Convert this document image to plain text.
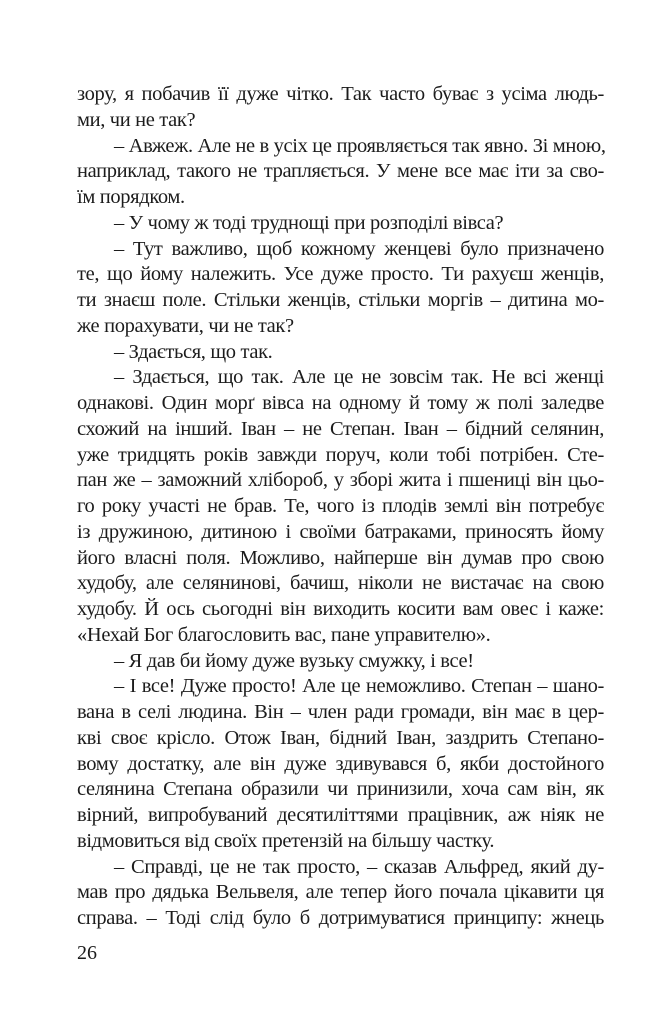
зору, я побачив її дуже чітко. Так часто буває з усіма людь-
ми, чи не так?
– Авжеж. Але не в усіх це проявляється так явно. Зі мною,
наприклад, такого не трапляється. У мене все має іти за сво-
їм порядком.
– У чому ж тоді труднощі при розподілі вівса?
– Тут важливо, щоб кожному женцеві було призначено
те, що йому належить. Усе дуже просто. Ти рахуєш женців,
ти знаєш поле. Стільки женців, стільки моргів – дитина мо-
же порахувати, чи не так?
– Здається, що так.
– Здається, що так. Але це не зовсім так. Не всі женці
однакові. Один морґ вівса на одному й тому ж полі заледве
схожий на інший. Іван – не Степан. Іван – бідний селянин,
уже тридцять років завжди поруч, коли тобі потрібен. Сте-
пан же – заможний хлібороб, у зборі жита і пшениці він цьо-
го року участі не брав. Те, чого із плодів землі він потребує
із дружиною, дитиною і своїми батраками, приносять йому
його власні поля. Можливо, найперше він думав про свою
худобу, але селянинові, бачиш, ніколи не вистачає на свою
худобу. Й ось сьогодні він виходить косити вам овес і каже:
«Нехай Бог благословить вас, пане управителю».
– Я дав би йому дуже вузьку смужку, і все!
– І все! Дуже просто! Але це неможливо. Степан – шано-
вана в селі людина. Він – член ради громади, він має в цер-
кві своє крісло. Отож Іван, бідний Іван, заздрить Степано-
вому достатку, але він дуже здивувався б, якби достойного
селянина Степана образили чи принизили, хоча сам він, як
вірний, випробуваний десятиліттями працівник, аж ніяк не
відмовиться від своїх претензій на більшу частку.
– Справді, це не так просто, – сказав Альфред, який ду-
мав про дядька Вельвеля, але тепер його почала цікавити ця
справа. – Тоді слід було б дотримуватися принципу: жнець
26
